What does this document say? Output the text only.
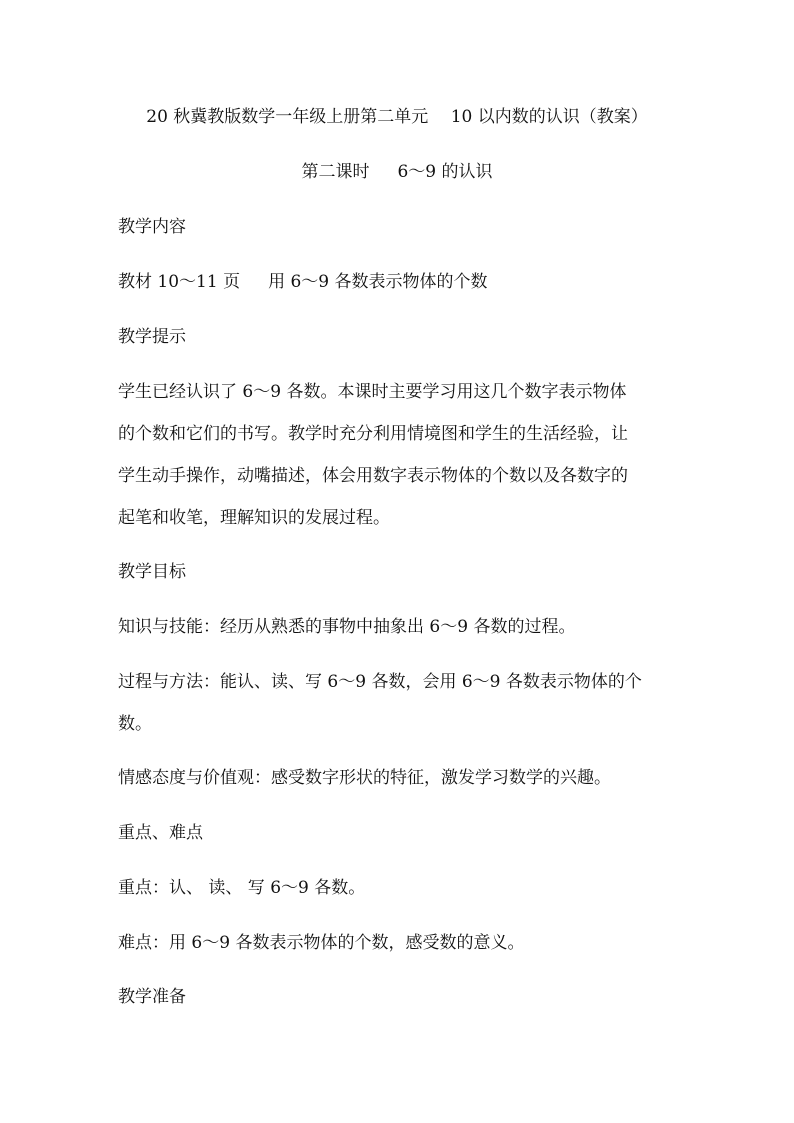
20 秋冀教版数学一年级上册第二单元　 10 以内数的认识（教案）
第二课时 6～9 的认识
教学内容
教材 10～11 页 用 6～9 各数表示物体的个数
教学提示
学生已经认识了 6～9 各数。本课时主要学习用这几个数字表示物体
的个数和它们的书写。教学时充分利用情境图和学生的生活经验，让
学生动手操作，动嘴描述，体会用数字表示物体的个数以及各数字的
起笔和收笔，理解知识的发展过程。
教学目标
知识与技能：经历从熟悉的事物中抽象出 6～9 各数的过程。
过程与方法：能认、读、写 6～9 各数，会用 6～9 各数表示物体的个
数。
情感态度与价值观：感受数字形状的特征，激发学习数学的兴趣。
重点、难点
重点：认、 读、 写 6～9 各数。
难点：用 6～9 各数表示物体的个数，感受数的意义。
教学准备
